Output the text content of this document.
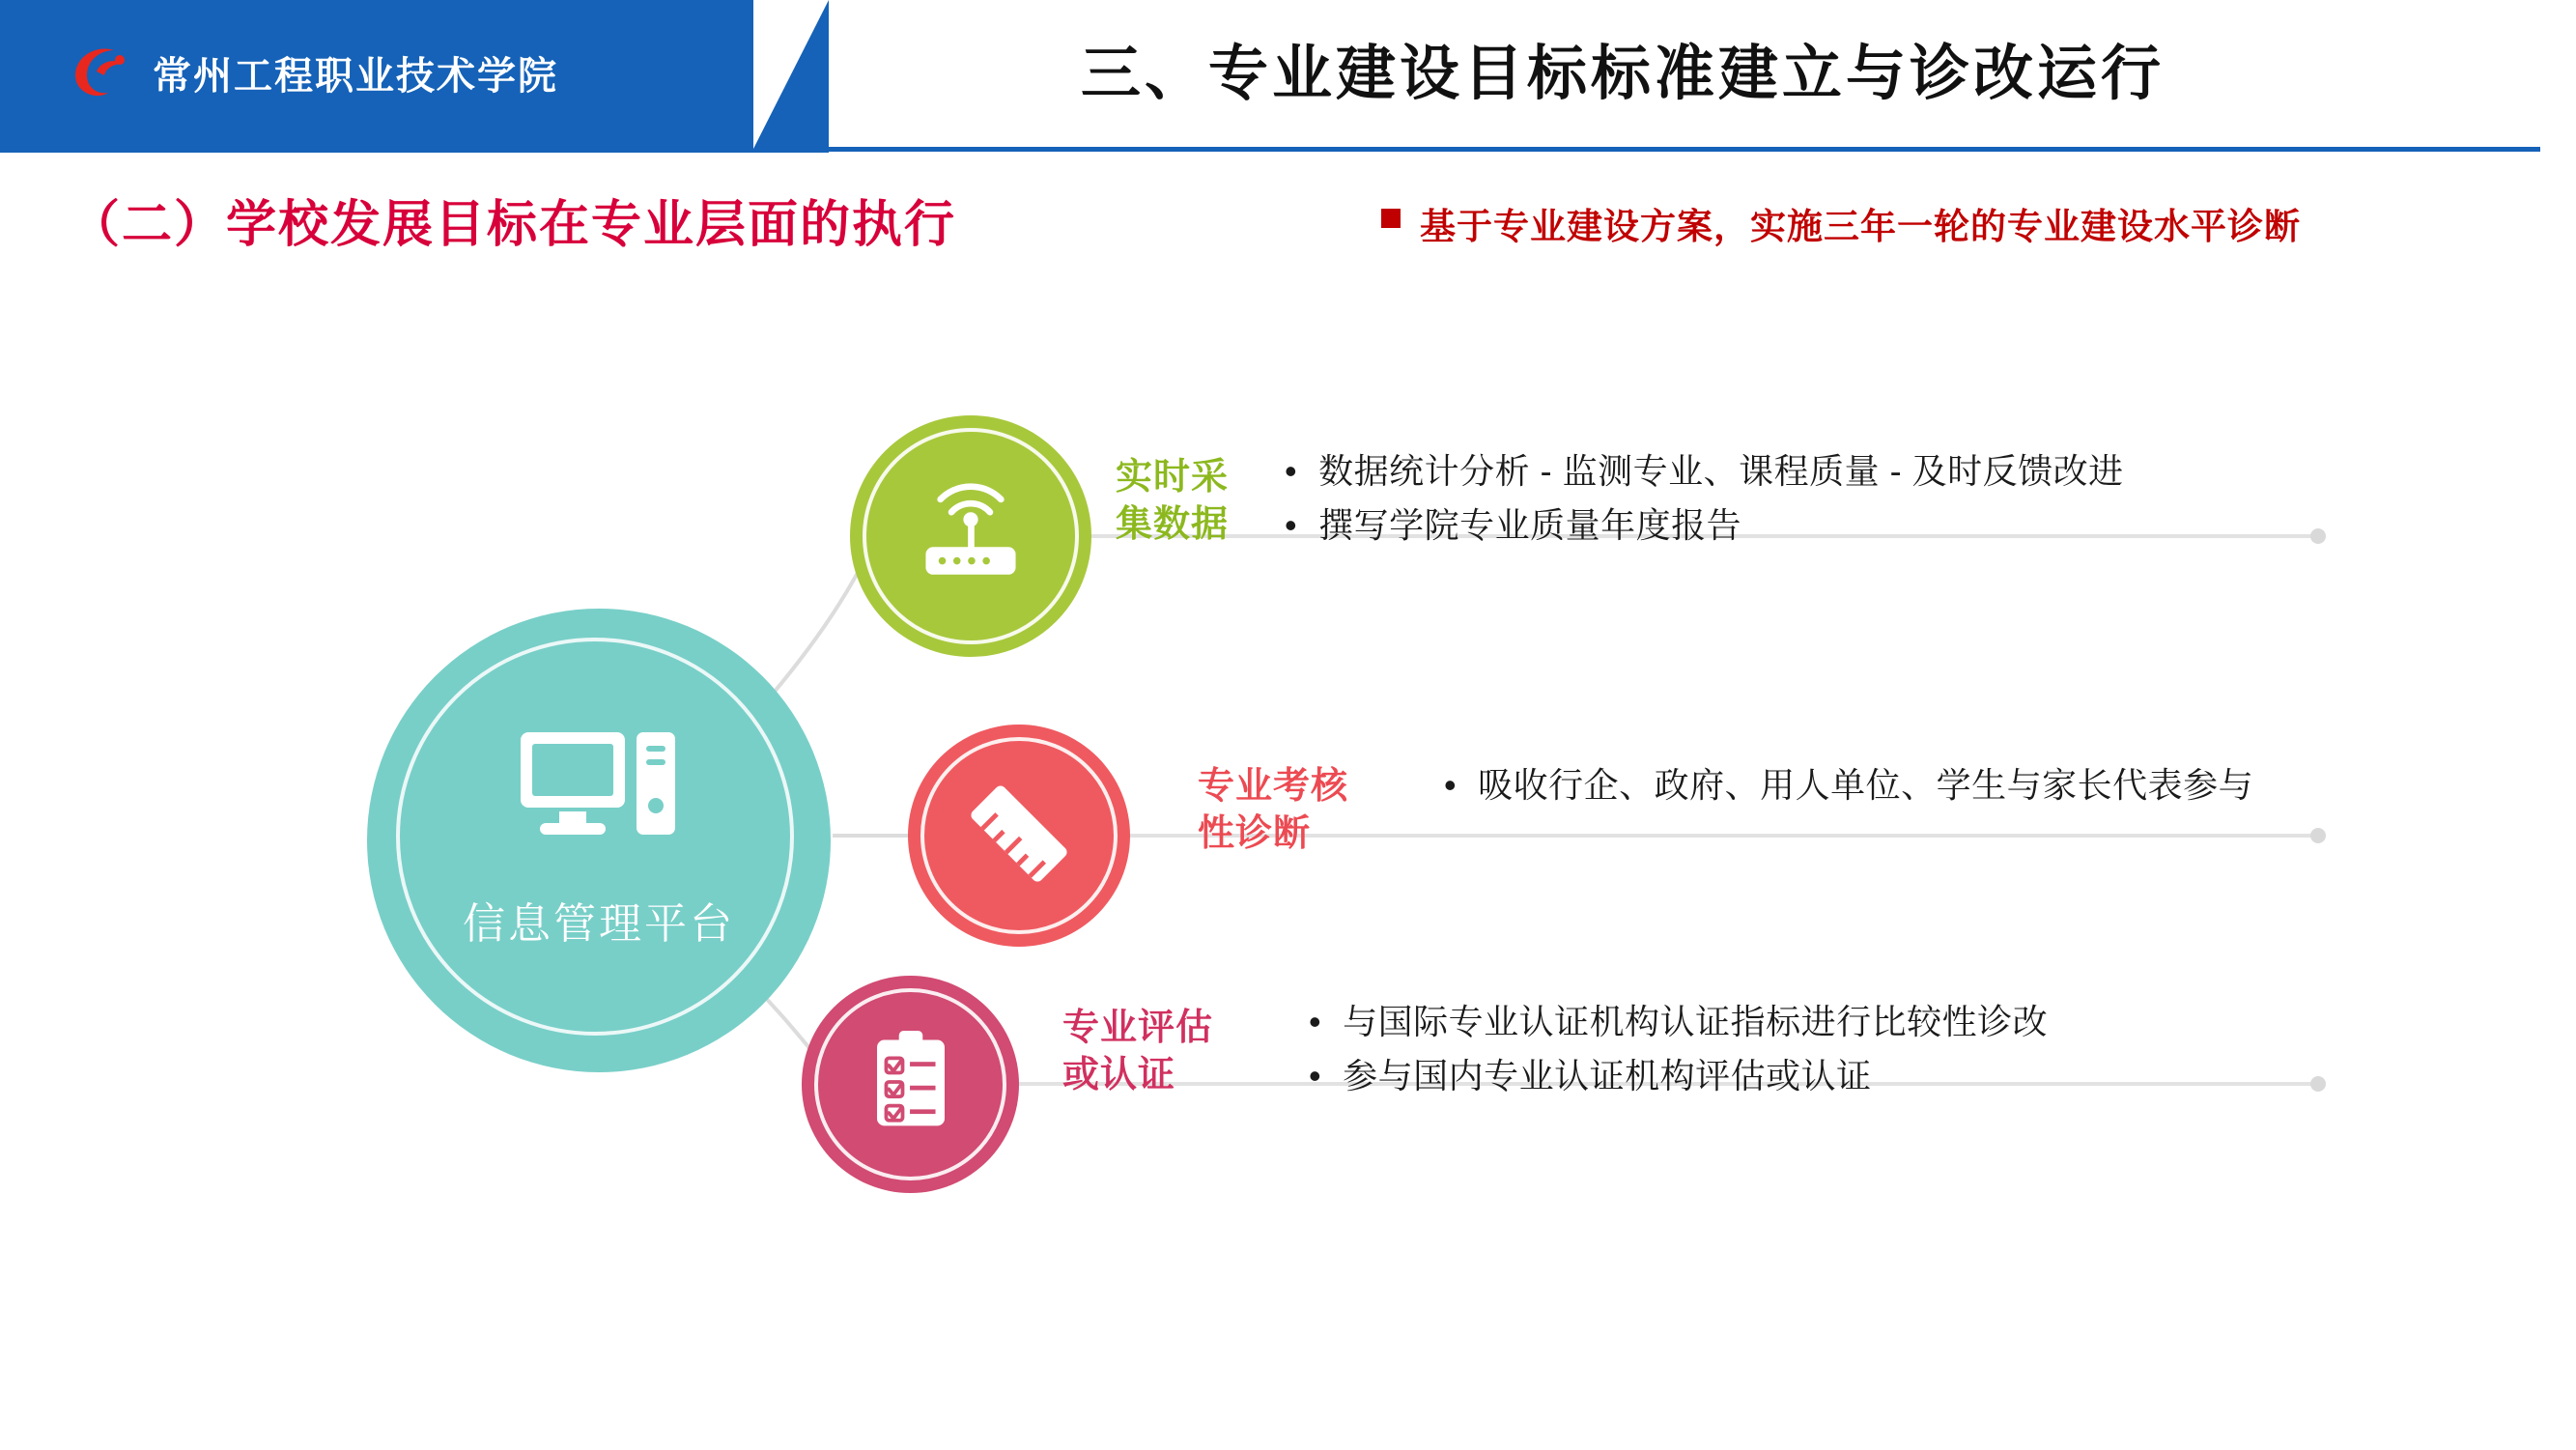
常州工程职业技术学院	三、专业建设目标标准建立与诊改运行
（二）学校发展目标在专业层面的执行	基于专业建设方案，实施三年一轮的专业建设水平诊断
信息管理平台
实时采
集数据
• 数据统计分析 - 监测专业、课程质量 - 及时反馈改进
• 撰写学院专业质量年度报告
专业考核
性诊断
• 吸收行企、政府、用人单位、学生与家长代表参与
专业评估
或认证
• 与国际专业认证机构认证指标进行比较性诊改
• 参与国内专业认证机构评估或认证
